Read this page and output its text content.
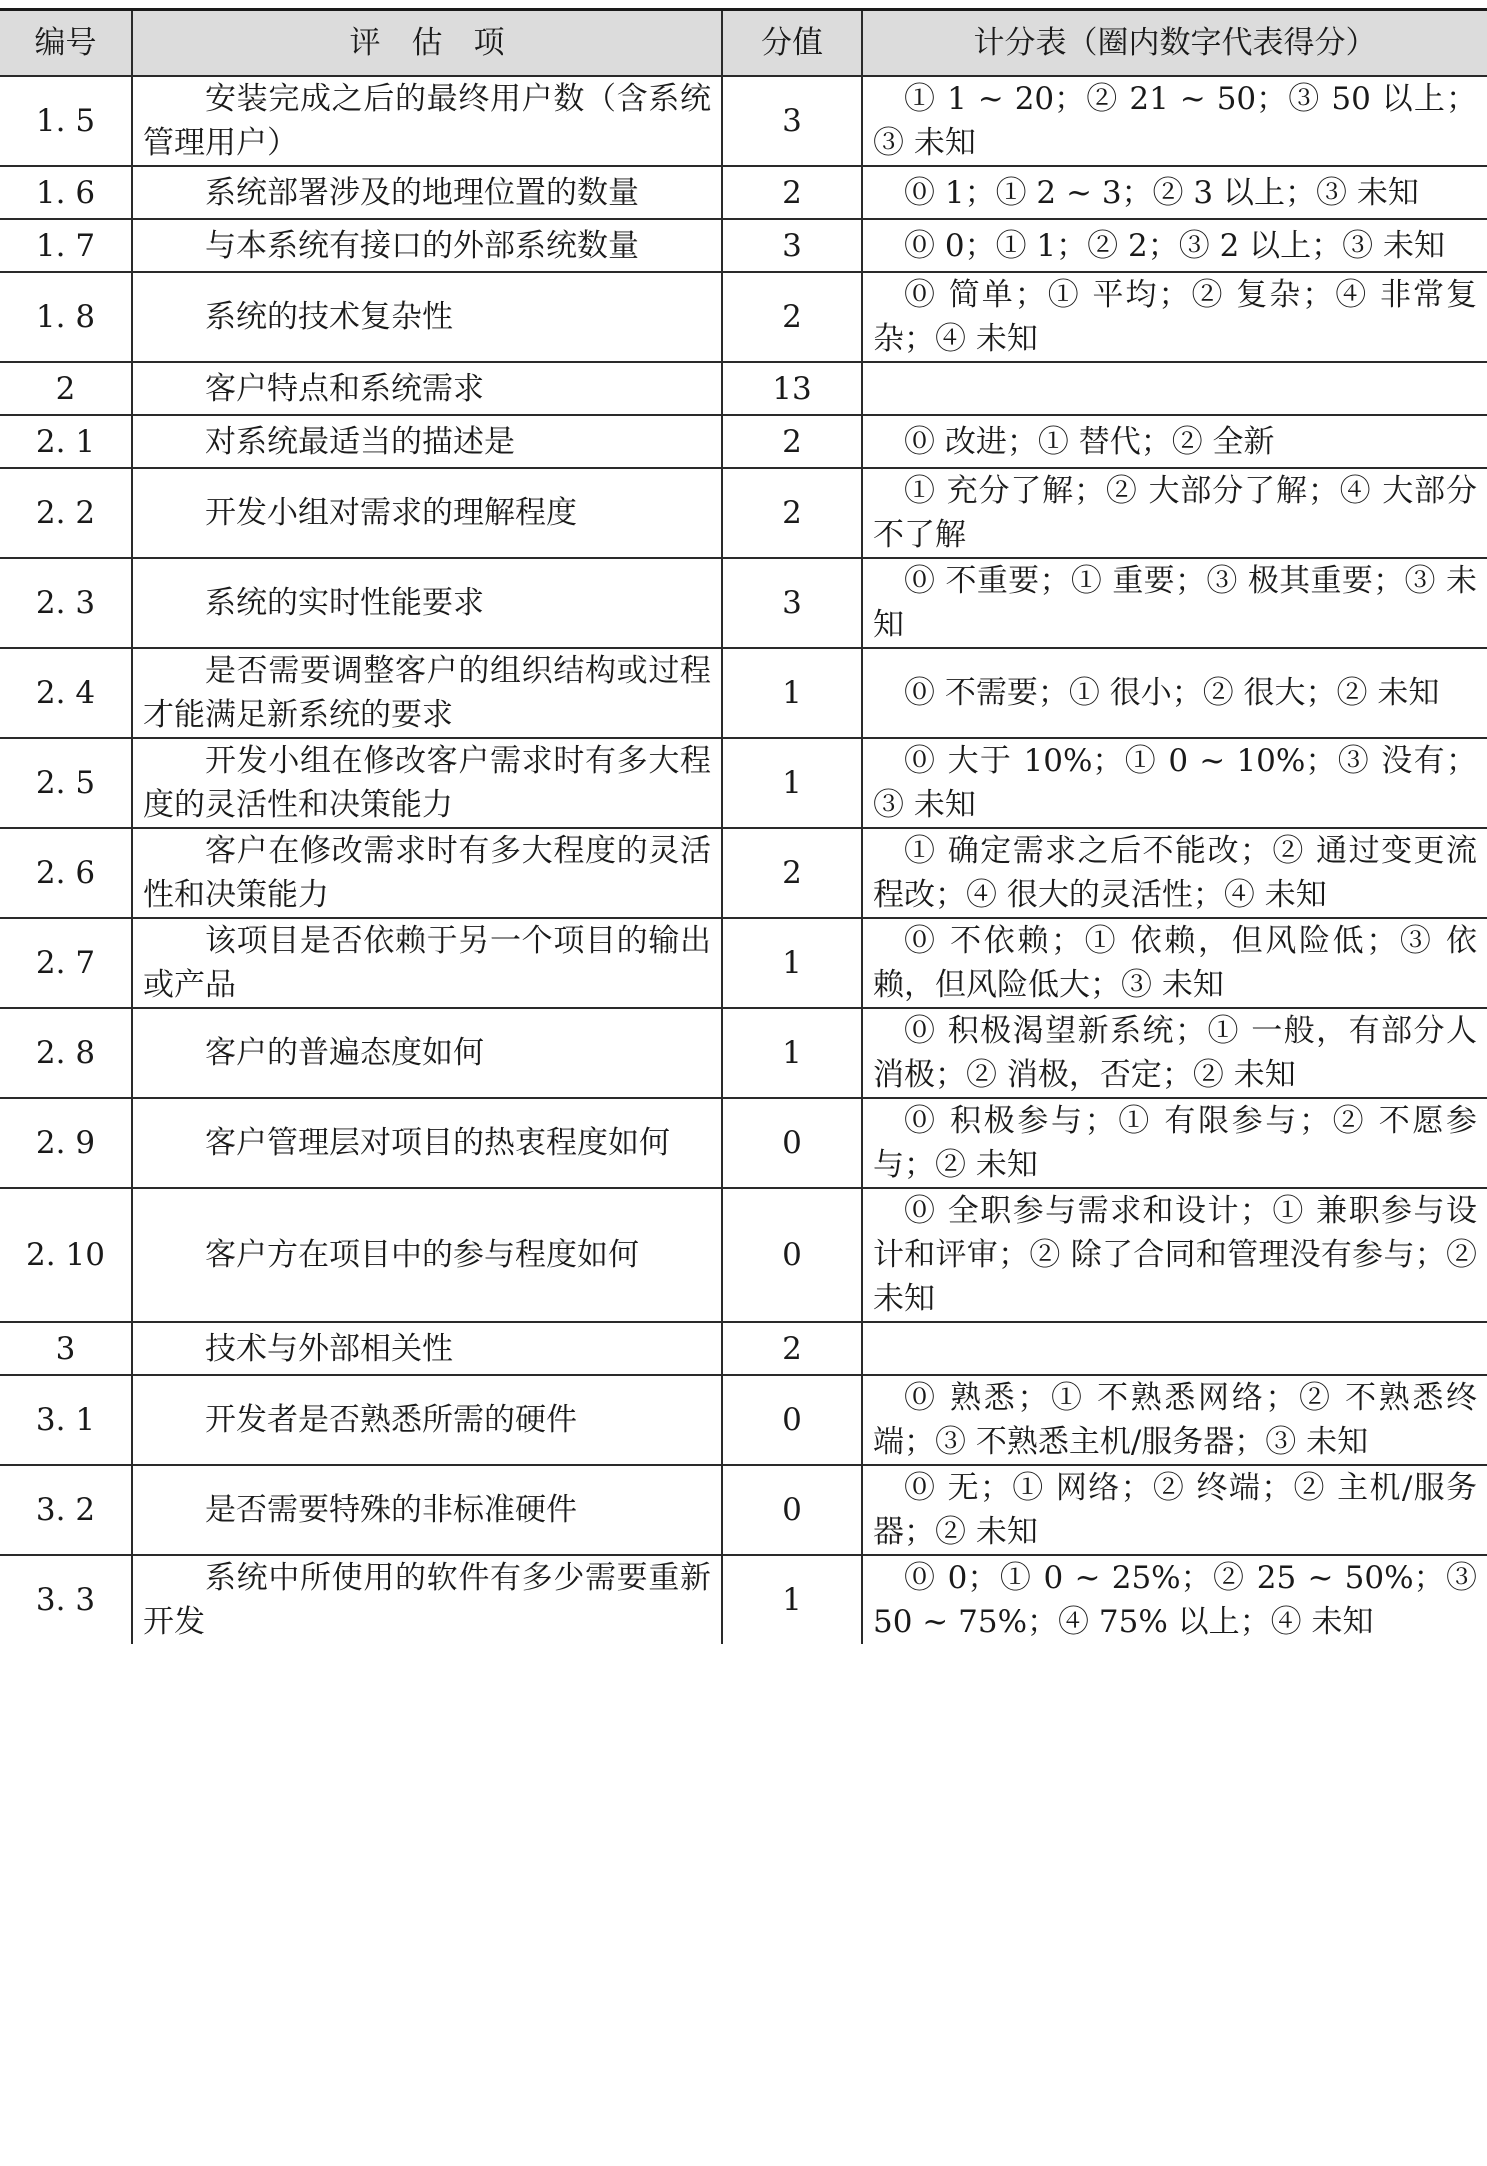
编号	评　估　项	分值	计分表（圈内数字代表得分）
1. 5	安装完成之后的最终用户数（含系统管理用户）	3	① 1 ~ 20；② 21 ~ 50；③ 50 以上；③ 未知
1. 6	系统部署涉及的地理位置的数量	2	⓪ 1；① 2 ~ 3；② 3 以上；③ 未知
1. 7	与本系统有接口的外部系统数量	3	⓪ 0；① 1；② 2；③ 2 以上；③ 未知
1. 8	系统的技术复杂性	2	⓪ 简单；① 平均；② 复杂；④ 非常复杂；④ 未知
2	客户特点和系统需求	13	
2. 1	对系统最适当的描述是	2	⓪ 改进；① 替代；② 全新
2. 2	开发小组对需求的理解程度	2	① 充分了解；② 大部分了解；④ 大部分不了解
2. 3	系统的实时性能要求	3	⓪ 不重要；① 重要；③ 极其重要；③ 未知
2. 4	是否需要调整客户的组织结构或过程才能满足新系统的要求	1	⓪ 不需要；① 很小；② 很大；② 未知
2. 5	开发小组在修改客户需求时有多大程度的灵活性和决策能力	1	⓪ 大于 10%；① 0 ~ 10%；③ 没有；③ 未知
2. 6	客户在修改需求时有多大程度的灵活性和决策能力	2	① 确定需求之后不能改；② 通过变更流程改；④ 很大的灵活性；④ 未知
2. 7	该项目是否依赖于另一个项目的输出或产品	1	⓪ 不依赖；① 依赖，但风险低；③ 依赖，但风险低大；③ 未知
2. 8	客户的普遍态度如何	1	⓪ 积极渴望新系统；① 一般，有部分人消极；② 消极，否定；② 未知
2. 9	客户管理层对项目的热衷程度如何	0	⓪ 积极参与；① 有限参与；② 不愿参与；② 未知
2. 10	客户方在项目中的参与程度如何	0	⓪ 全职参与需求和设计；① 兼职参与设计和评审；② 除了合同和管理没有参与；② 未知
3	技术与外部相关性	2	
3. 1	开发者是否熟悉所需的硬件	0	⓪ 熟悉；① 不熟悉网络；② 不熟悉终端；③ 不熟悉主机/服务器；③ 未知
3. 2	是否需要特殊的非标准硬件	0	⓪ 无；① 网络；② 终端；② 主机/服务器；② 未知
3. 3	系统中所使用的软件有多少需要重新开发	1	⓪ 0；① 0 ~ 25%；② 25 ~ 50%；③ 50 ~ 75%；④ 75% 以上；④ 未知
